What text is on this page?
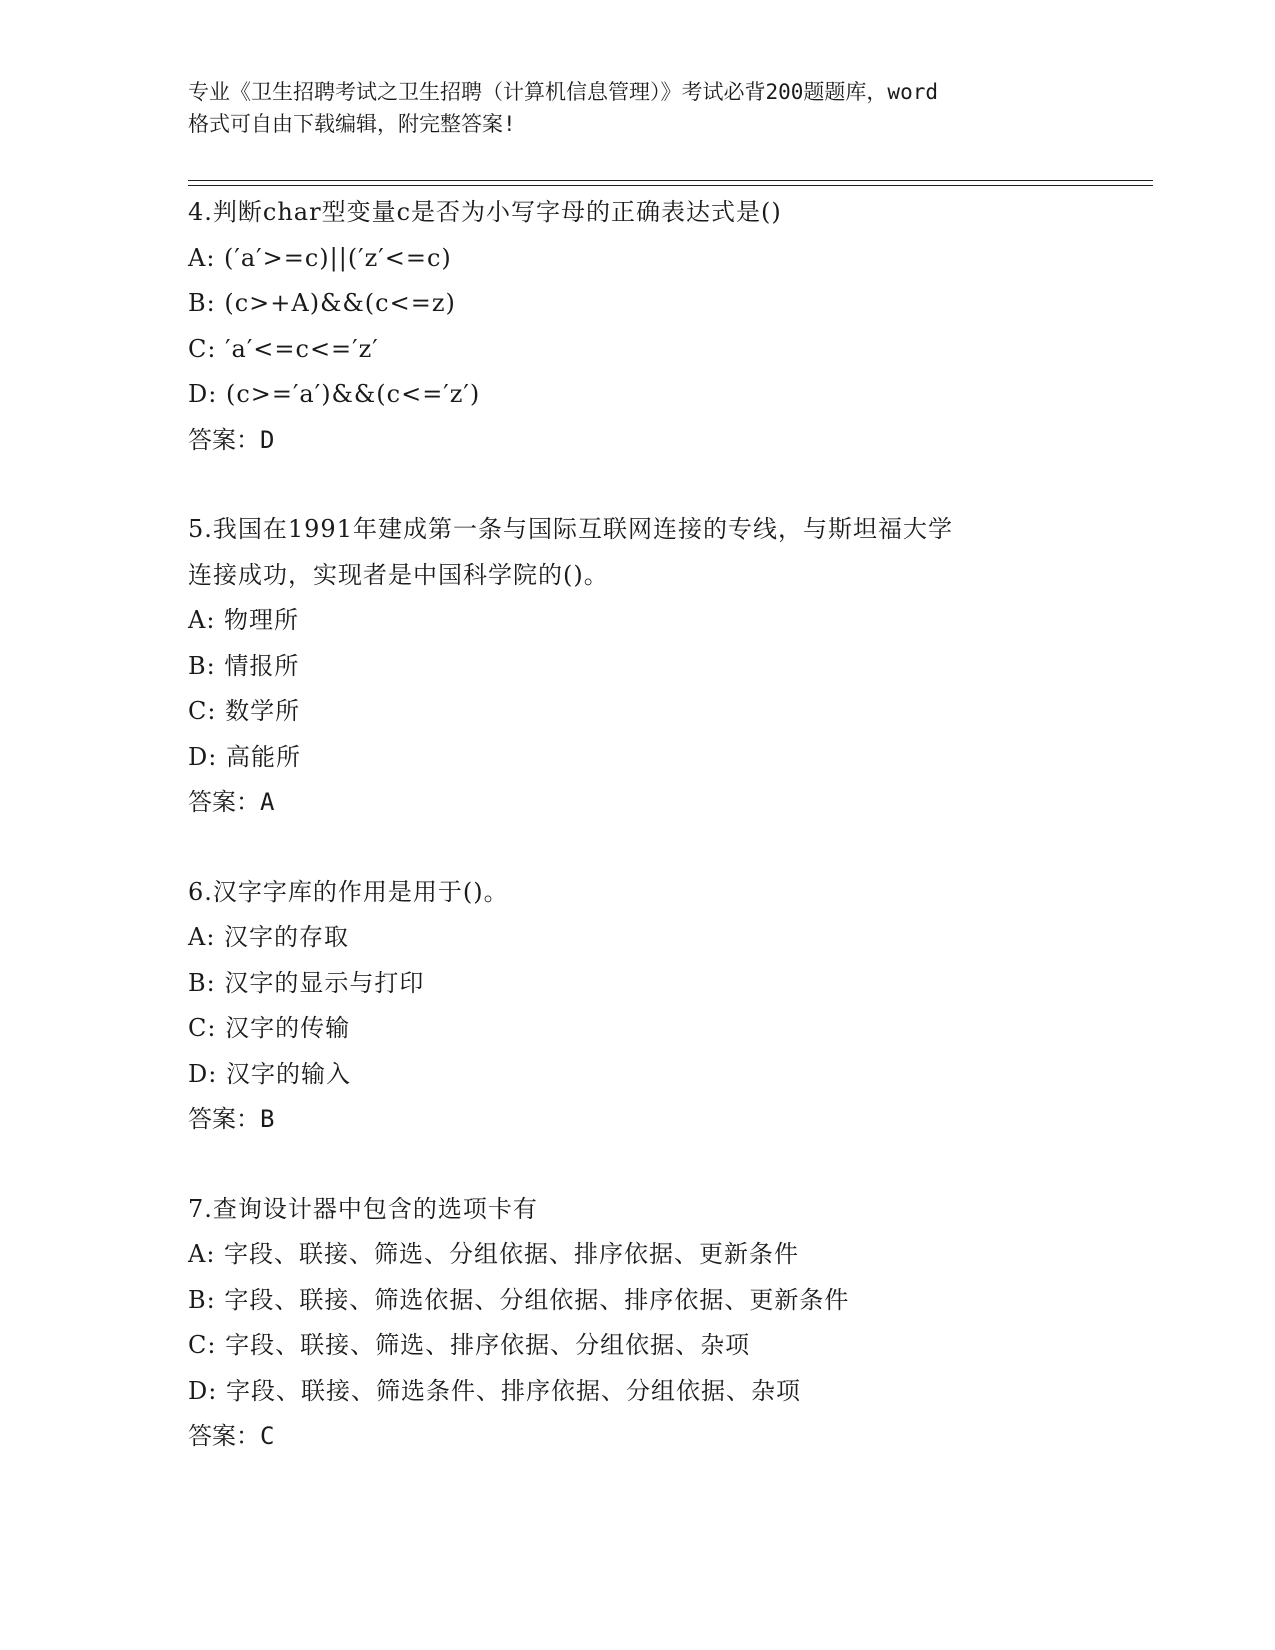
专业《卫生招聘考试之卫生招聘（计算机信息管理）》考试必背200题题库，word
格式可自由下载编辑，附完整答案!
4.判断char型变量c是否为小写字母的正确表达式是()
A: (′a′>=c)||(′z′<=c)
B: (c>+A)&&(c<=z)
C: ′a′<=c<=′z′
D: (c>=′a′)&&(c<=′z′)
答案：D
5.我国在1991年建成第一条与国际互联网连接的专线，与斯坦福大学
连接成功，实现者是中国科学院的()。
A: 物理所
B: 情报所
C: 数学所
D: 高能所
答案：A
6.汉字字库的作用是用于()。
A: 汉字的存取
B: 汉字的显示与打印
C: 汉字的传输
D: 汉字的输入
答案：B
7.查询设计器中包含的选项卡有
A: 字段、联接、筛选、分组依据、排序依据、更新条件
B: 字段、联接、筛选依据、分组依据、排序依据、更新条件
C: 字段、联接、筛选、排序依据、分组依据、杂项
D: 字段、联接、筛选条件、排序依据、分组依据、杂项
答案：C
